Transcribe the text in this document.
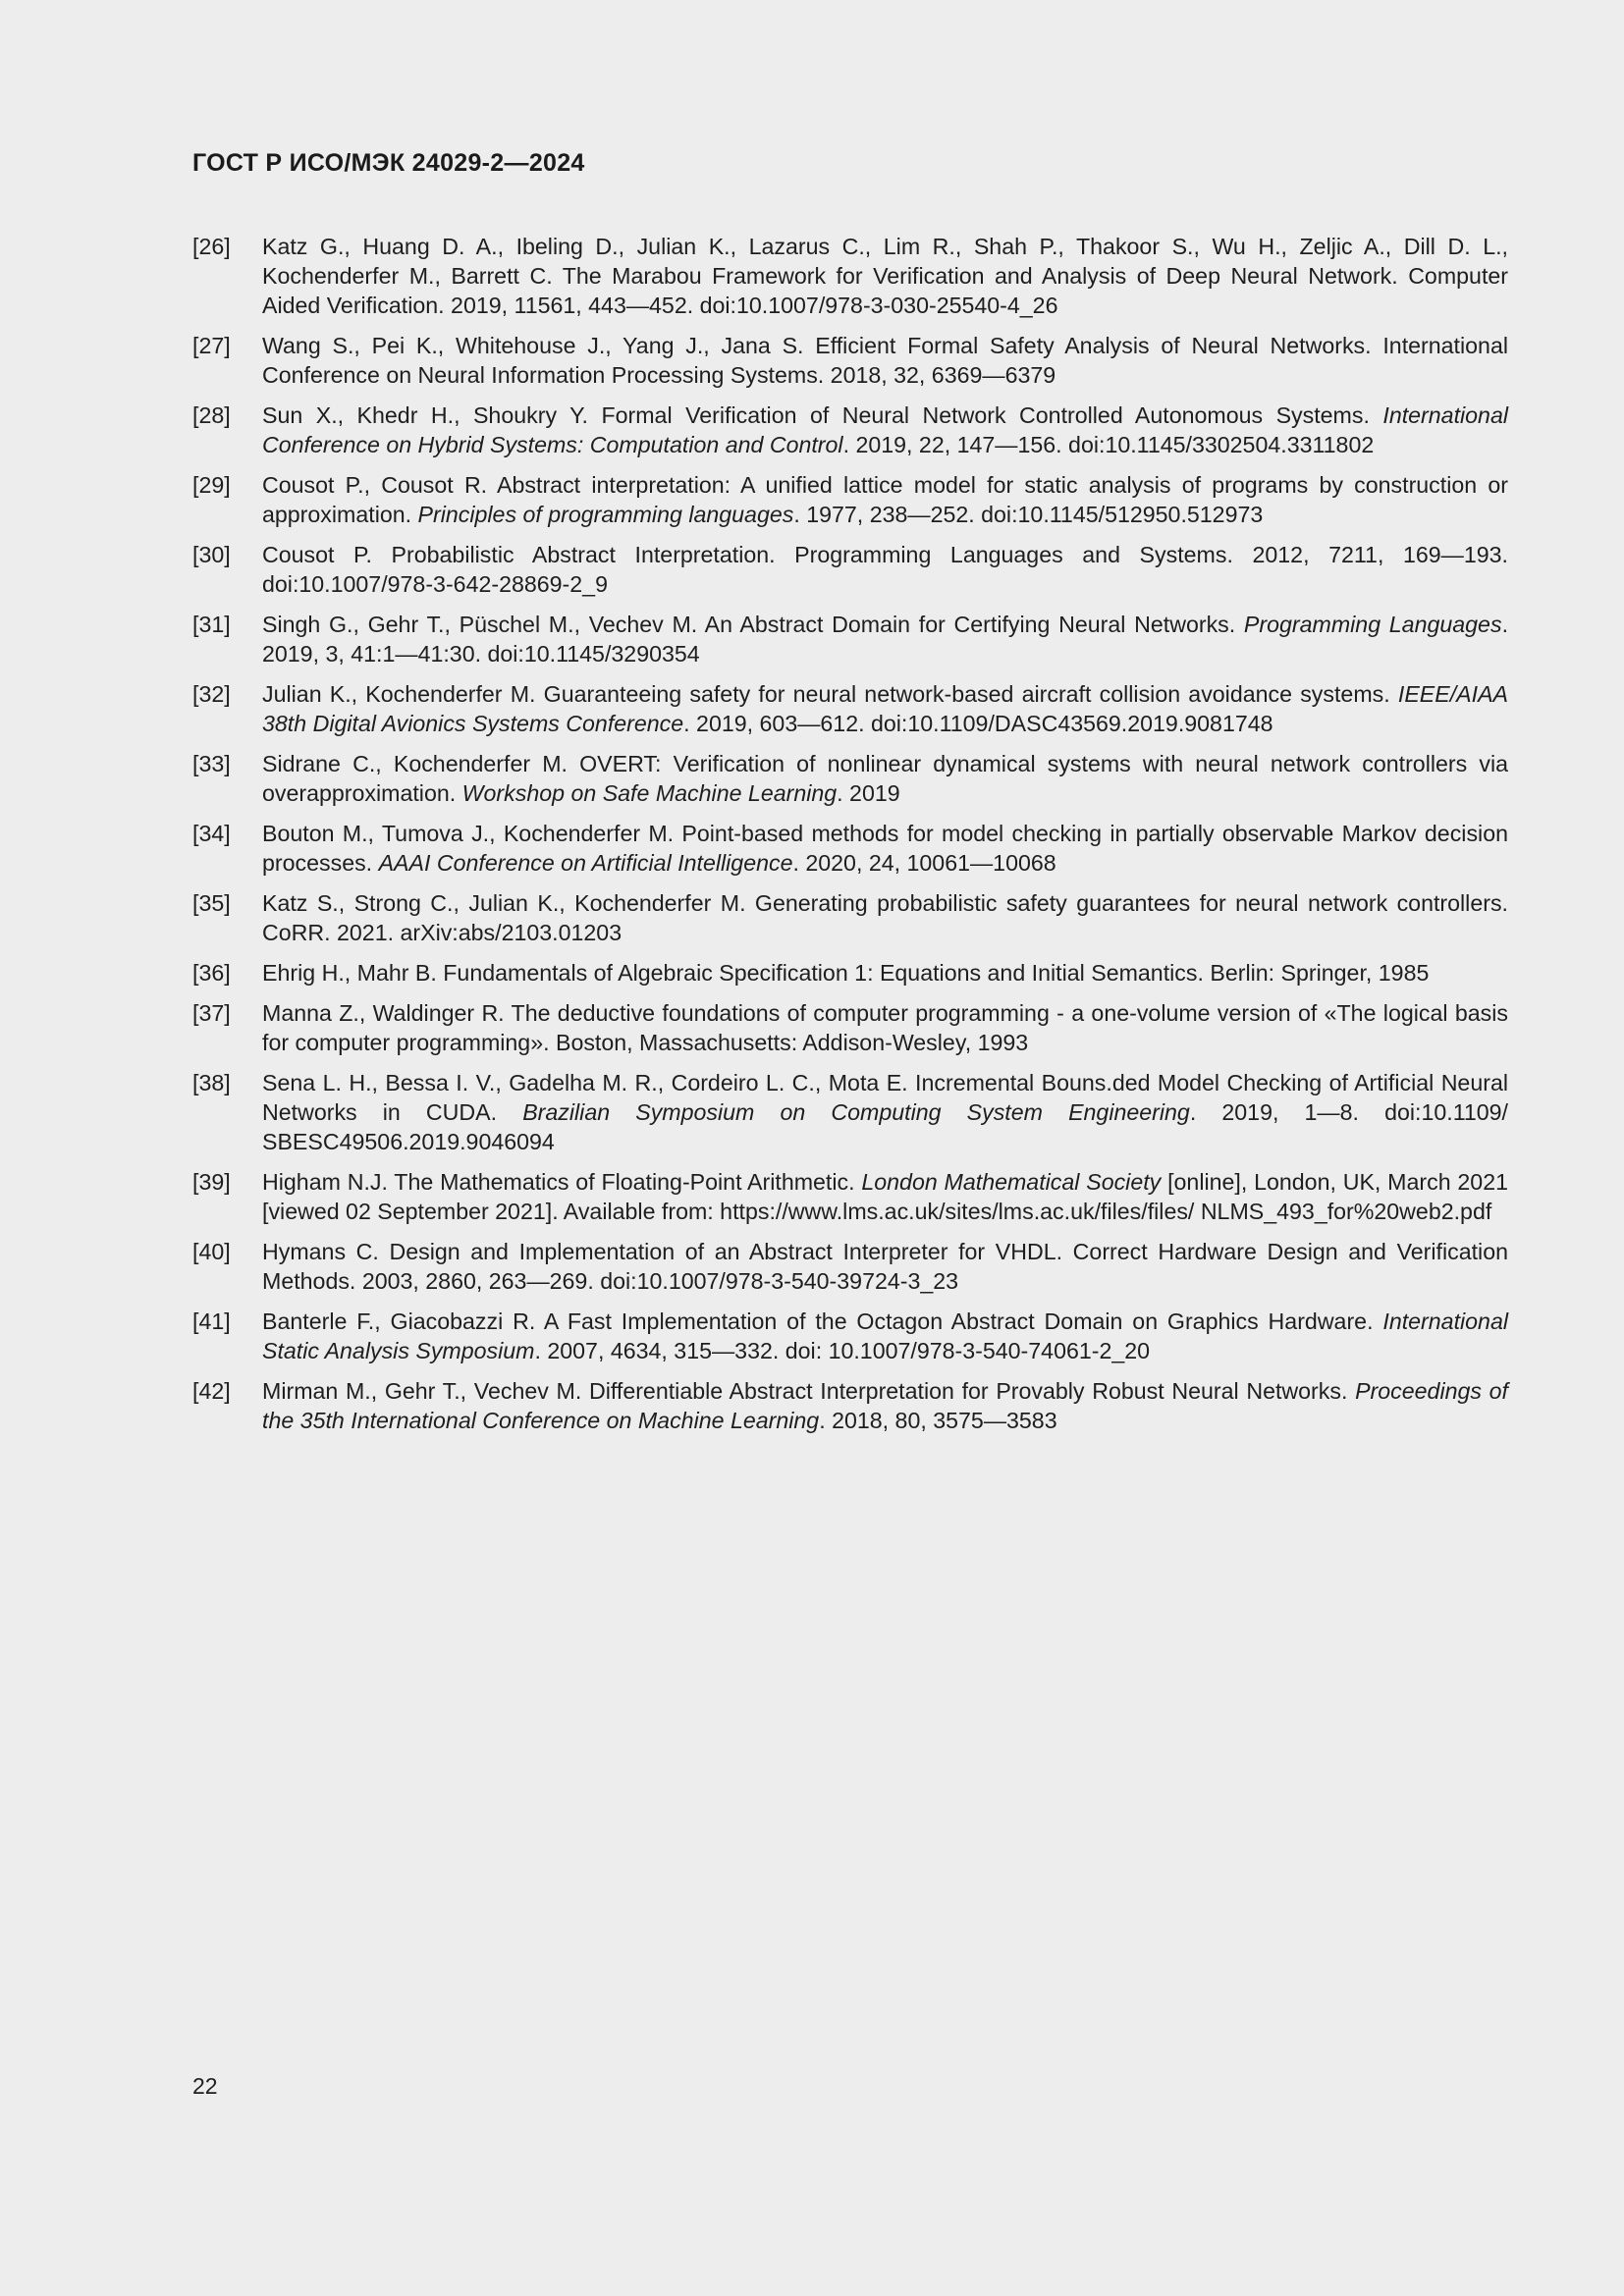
ГОСТ Р ИСО/МЭК 24029-2—2024
[26]	Katz G., Huang D. A., Ibeling D., Julian K., Lazarus C., Lim R., Shah P., Thakoor S., Wu H., Zeljic A., Dill D. L., Kochenderfer M., Barrett C. The Marabou Framework for Verification and Analysis of Deep Neural Network. Computer Aided Verification. 2019, 11561, 443—452. doi:10.1007/978-3-030-25540-4_26
[27]	Wang S., Pei K., Whitehouse J., Yang J., Jana S. Efficient Formal Safety Analysis of Neural Networks. International Conference on Neural Information Processing Systems. 2018, 32, 6369—6379
[28]	Sun X., Khedr H., Shoukry Y. Formal Verification of Neural Network Controlled Autonomous Systems. International Conference on Hybrid Systems: Computation and Control. 2019, 22, 147—156. doi:10.1145/3302504.3311802
[29]	Cousot P., Cousot R. Abstract interpretation: A unified lattice model for static analysis of programs by construction or approximation. Principles of programming languages. 1977, 238—252. doi:10.1145/512950.512973
[30]	Cousot P. Probabilistic Abstract Interpretation. Programming Languages and Systems. 2012, 7211, 169—193. doi:10.1007/978-3-642-28869-2_9
[31]	Singh G., Gehr T., Püschel M., Vechev M. An Abstract Domain for Certifying Neural Networks. Programming Languages. 2019, 3, 41:1—41:30. doi:10.1145/3290354
[32]	Julian K., Kochenderfer M. Guaranteeing safety for neural network-based aircraft collision avoidance systems. IEEE/AIAA 38th Digital Avionics Systems Conference. 2019, 603—612. doi:10.1109/DASC43569.2019.9081748
[33]	Sidrane C., Kochenderfer M. OVERT: Verification of nonlinear dynamical systems with neural network controllers via overapproximation. Workshop on Safe Machine Learning. 2019
[34]	Bouton M., Tumova J., Kochenderfer M. Point-based methods for model checking in partially observable Markov decision processes. AAAI Conference on Artificial Intelligence. 2020, 24, 10061—10068
[35]	Katz S., Strong C., Julian K., Kochenderfer M. Generating probabilistic safety guarantees for neural network controllers. CoRR. 2021. arXiv:abs/2103.01203
[36]	Ehrig H., Mahr B. Fundamentals of Algebraic Specification 1: Equations and Initial Semantics. Berlin: Springer, 1985
[37]	Manna Z., Waldinger R. The deductive foundations of computer programming - a one-volume version of «The logical basis for computer programming». Boston, Massachusetts: Addison-Wesley, 1993
[38]	Sena L. H., Bessa I. V., Gadelha M. R., Cordeiro L. C., Mota E. Incremental Bouns.ded Model Checking of Artificial Neural Networks in CUDA. Brazilian Symposium on Computing System Engineering. 2019, 1—8. doi:10.1109/ SBESC49506.2019.9046094
[39]	Higham N.J. The Mathematics of Floating-Point Arithmetic. London Mathematical Society [online], London, UK, March 2021 [viewed 02 September 2021]. Available from: https://www.lms.ac.uk/sites/lms.ac.uk/files/files/ NLMS_493_for%20web2.pdf
[40]	Hymans C. Design and Implementation of an Abstract Interpreter for VHDL. Correct Hardware Design and Verification Methods. 2003, 2860, 263—269. doi:10.1007/978-3-540-39724-3_23
[41]	Banterle F., Giacobazzi R. A Fast Implementation of the Octagon Abstract Domain on Graphics Hardware. International Static Analysis Symposium. 2007, 4634, 315—332. doi: 10.1007/978-3-540-74061-2_20
[42]	Mirman M., Gehr T., Vechev M. Differentiable Abstract Interpretation for Provably Robust Neural Networks. Proceedings of the 35th International Conference on Machine Learning. 2018, 80, 3575—3583
22
